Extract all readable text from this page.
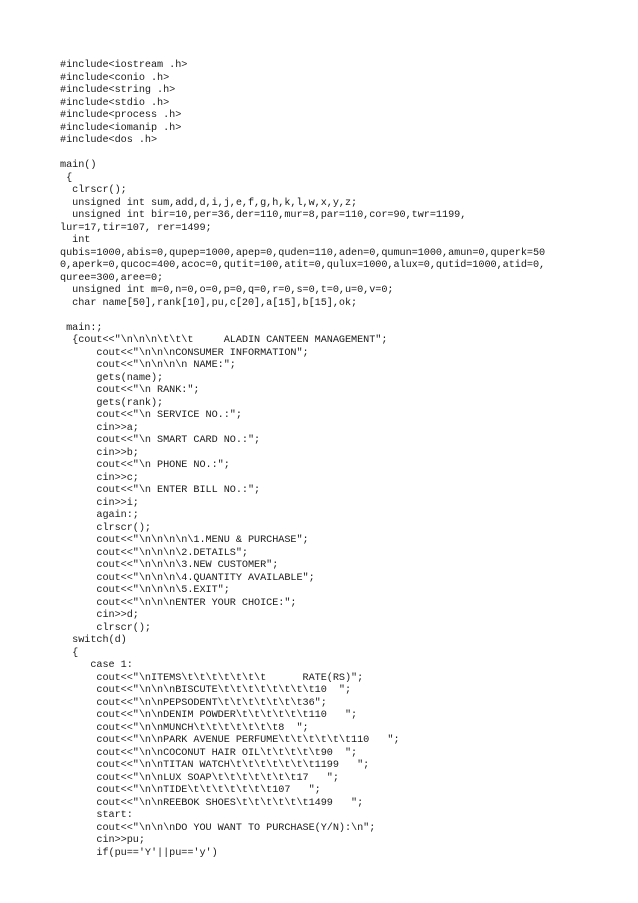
#include<iostream .h>
#include<conio .h>
#include<string .h>
#include<stdio .h>
#include<process .h>
#include<iomanip .h>
#include<dos .h>
main()
{
clrscr();
unsigned int sum,add,d,i,j,e,f,g,h,k,l,w,x,y,z;
unsigned int bir=10,per=36,der=110,mur=8,par=110,cor=90,twr=1199,
lur=17,tir=107, rer=1499;
int
qubis=1000,abis=0,qupep=1000,apep=0,quden=110,aden=0,qumun=1000,amun=0,quperk=50
0,aperk=0,qucoc=400,acoc=0,qutit=100,atit=0,qulux=1000,alux=0,qutid=1000,atid=0,
quree=300,aree=0;
unsigned int m=0,n=0,o=0,p=0,q=0,r=0,s=0,t=0,u=0,v=0;
char name[50],rank[10],pu,c[20],a[15],b[15],ok;
main:;
{cout<<"\n\n\n\t\t\t     ALADIN CANTEEN MANAGEMENT";
cout<<"\n\n\nCONSUMER INFORMATION";
cout<<"\n\n\n\n NAME:";
gets(name);
cout<<"\n RANK:";
gets(rank);
cout<<"\n SERVICE NO.:";
cin>>a;
cout<<"\n SMART CARD NO.:";
cin>>b;
cout<<"\n PHONE NO.:";
cin>>c;
cout<<"\n ENTER BILL NO.:";
cin>>i;
again:;
clrscr();
cout<<"\n\n\n\n\1.MENU & PURCHASE";
cout<<"\n\n\n\2.DETAILS";
cout<<"\n\n\n\3.NEW CUSTOMER";
cout<<"\n\n\n\4.QUANTITY AVAILABLE";
cout<<"\n\n\n\5.EXIT";
cout<<"\n\n\nENTER YOUR CHOICE:";
cin>>d;
clrscr();
switch(d)
{
case 1:
cout<<"\nITEMS\t\t\t\t\t\t\t      RATE(RS)";
cout<<"\n\n\nBISCUTE\t\t\t\t\t\t\t\t10  ";
cout<<"\n\nPEPSODENT\t\t\t\t\t\t\t36";
cout<<"\n\nDENIM POWDER\t\t\t\t\t\t110   ";
cout<<"\n\nMUNCH\t\t\t\t\t\t\t8  ";
cout<<"\n\nPARK AVENUE PERFUME\t\t\t\t\t\t110   ";
cout<<"\n\nCOCONUT HAIR OIL\t\t\t\t\t90  ";
cout<<"\n\nTITAN WATCH\t\t\t\t\t\t\t1199   ";
cout<<"\n\nLUX SOAP\t\t\t\t\t\t\t17   ";
cout<<"\n\nTIDE\t\t\t\t\t\t\t107   ";
cout<<"\n\nREEBOK SHOES\t\t\t\t\t\t1499   ";
start:
cout<<"\n\n\nDO YOU WANT TO PURCHASE(Y/N):\n";
cin>>pu;
if(pu=='Y'||pu=='y')
